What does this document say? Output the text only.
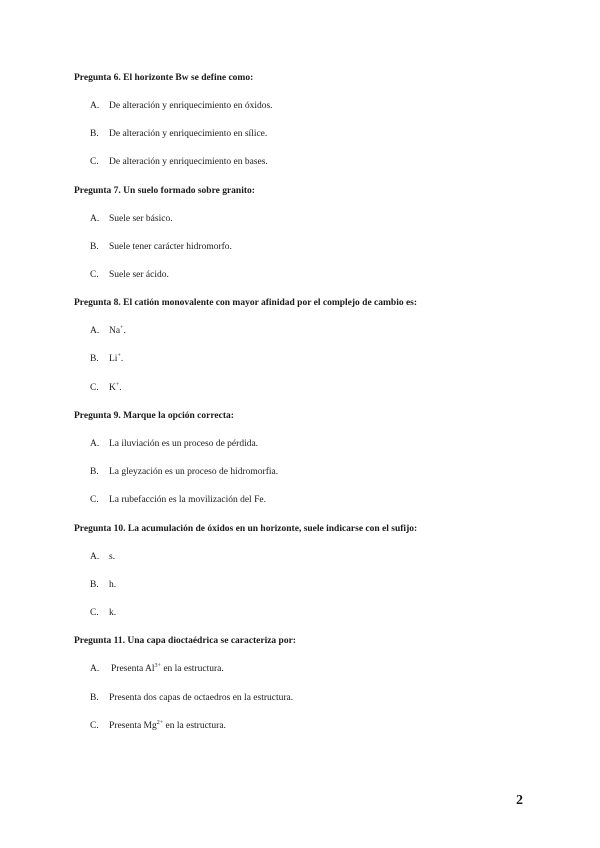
Pregunta 6. El horizonte Bw se define como:
A. De alteración y enriquecimiento en óxidos.
B. De alteración y enriquecimiento en sílice.
C. De alteración y enriquecimiento en bases.
Pregunta 7. Un suelo formado sobre granito:
A. Suele ser básico.
B. Suele tener carácter hidromorfo.
C. Suele ser ácido.
Pregunta 8. El catión monovalente con mayor afinidad por el complejo de cambio es:
A. Na+.
B. Li+.
C. K+.
Pregunta 9. Marque la opción correcta:
A. La iluviación es un proceso de pérdida.
B. La gleyzación es un proceso de hidromorfia.
C. La rubefacción es la movilización del Fe.
Pregunta 10. La acumulación de óxidos en un horizonte, suele indicarse con el sufijo:
A. s.
B. h.
C. k.
Pregunta 11. Una capa dioctaédrica se caracteriza por:
A. Presenta $Al^{3+}$ en la estructura.
B. Presenta dos capas de octaedros en la estructura.
C. Presenta $Mg^{2+}$ en la estructura.
2
